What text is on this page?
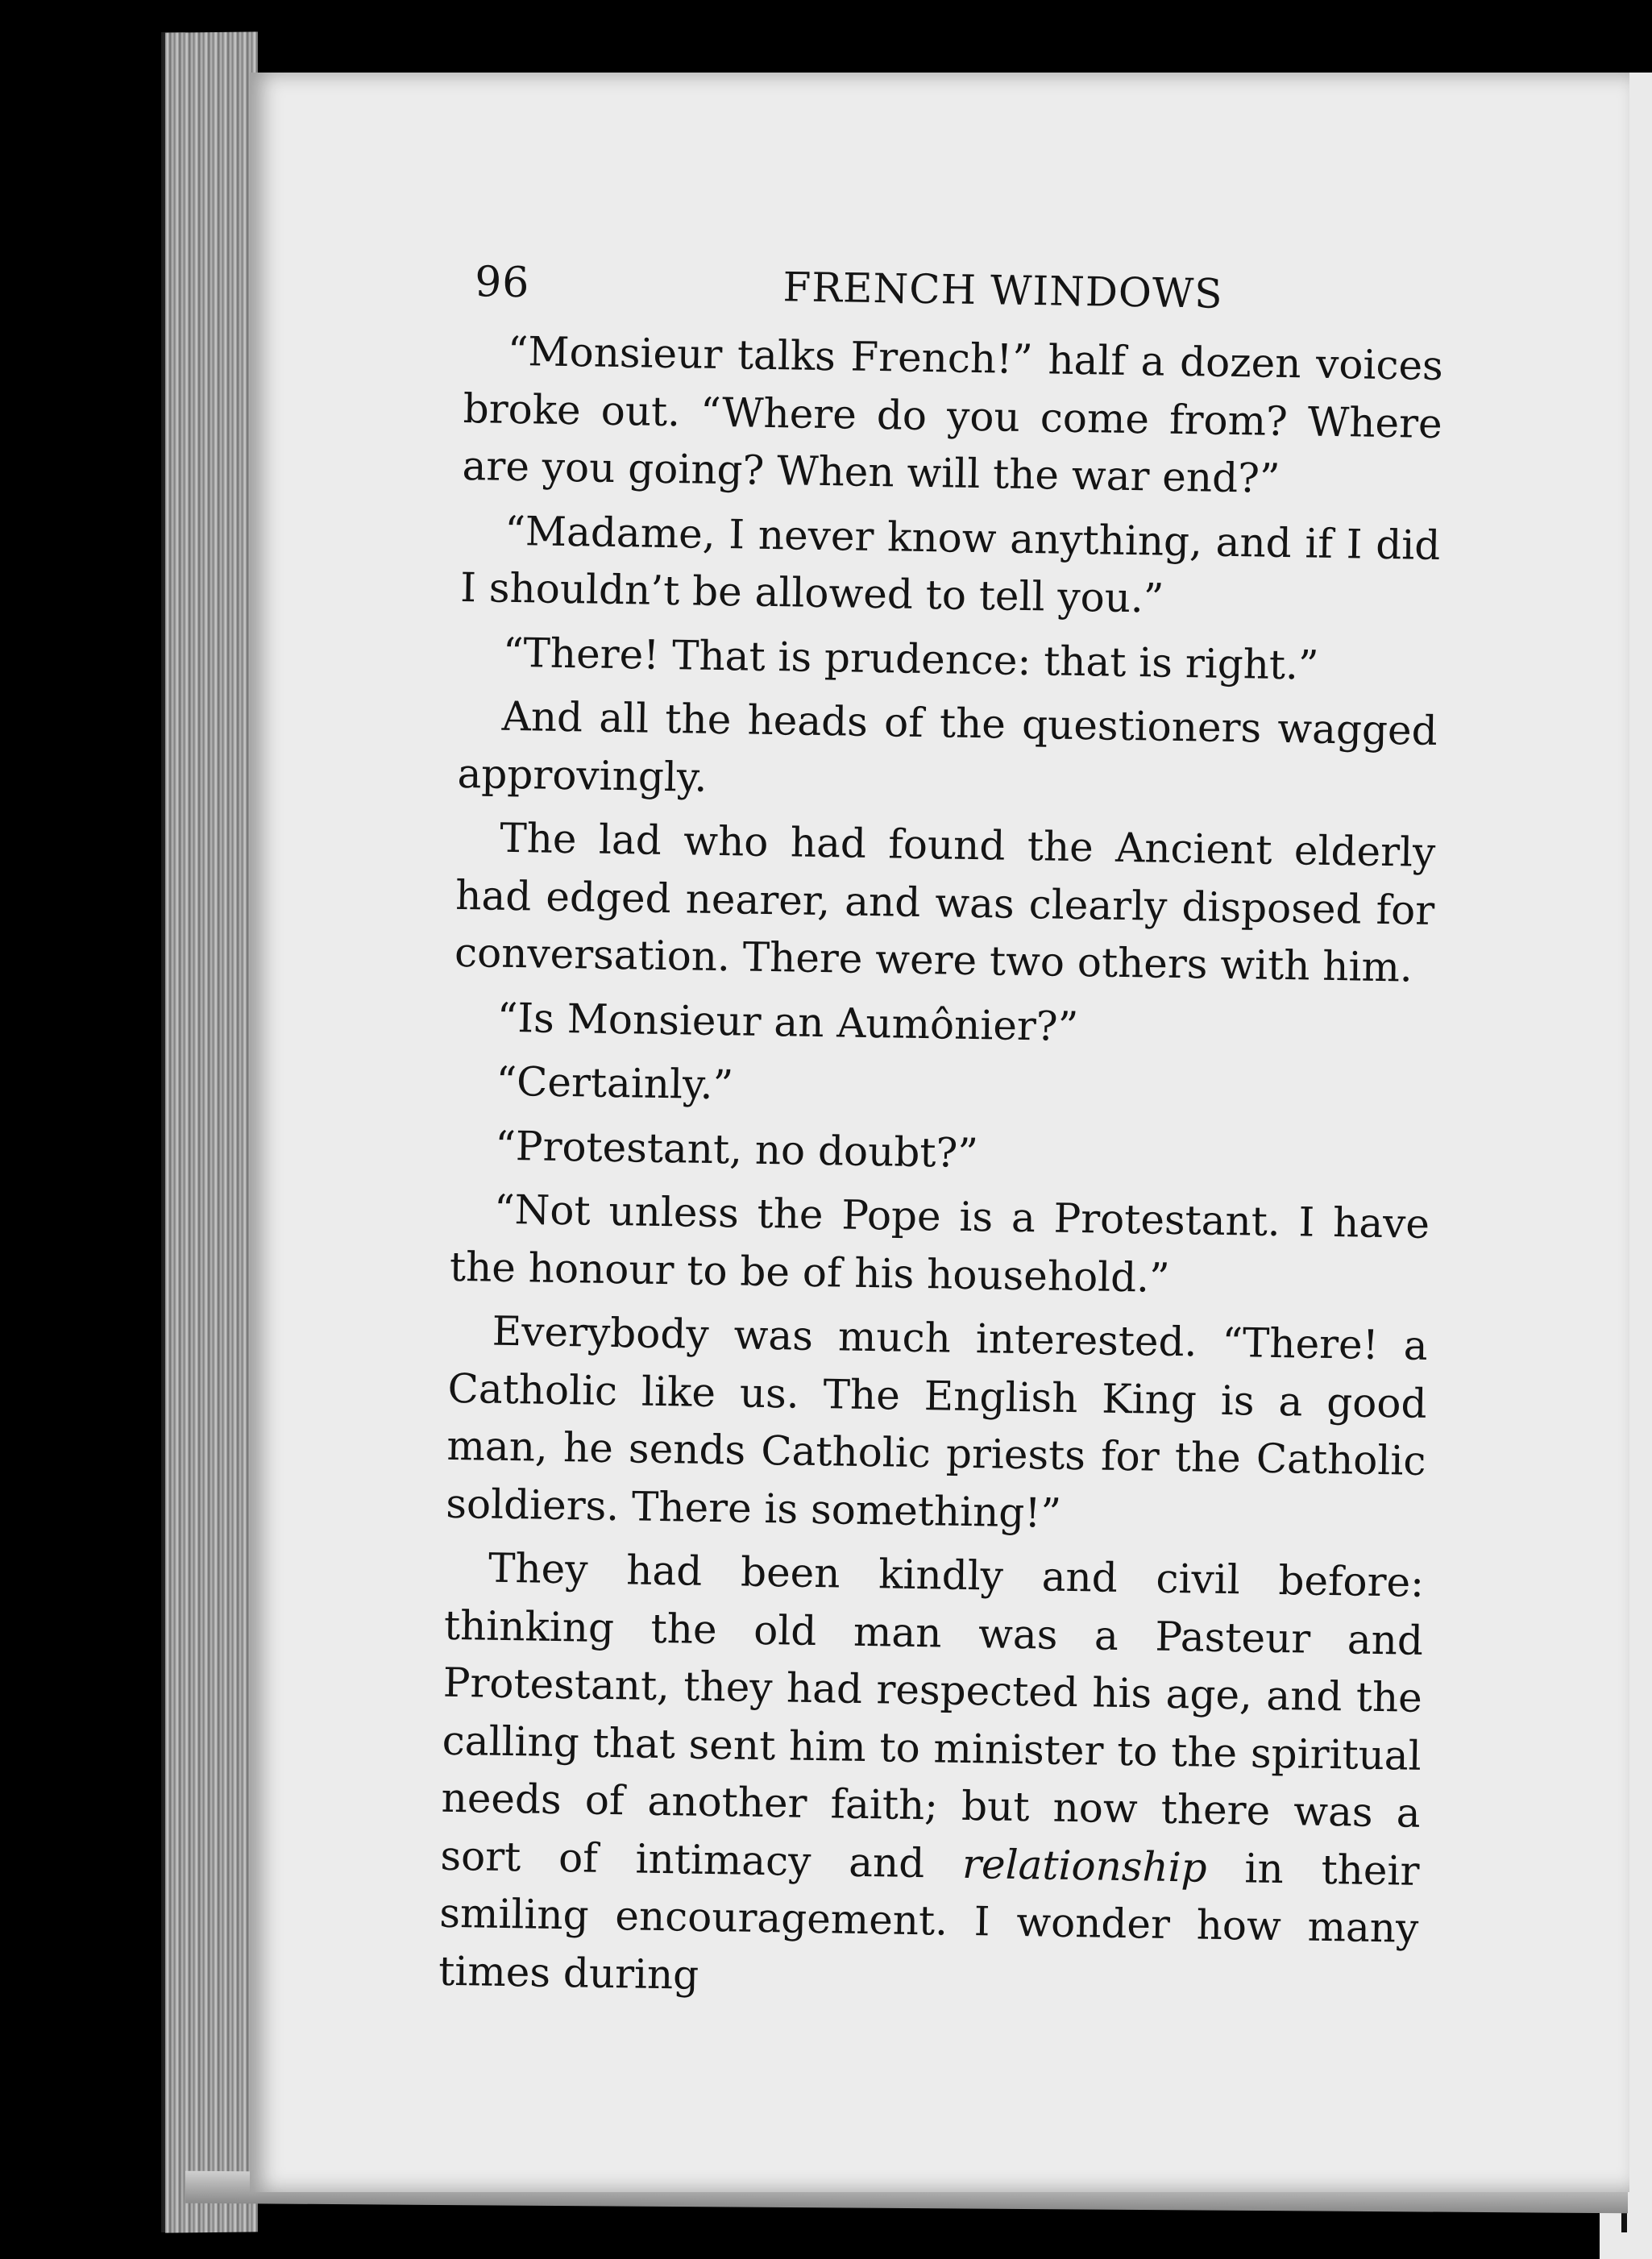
96	FRENCH WINDOWS

“Monsieur talks French!” half a dozen voices broke out. “Where do you come from? Where are you going? When will the war end?”

“Madame, I never know anything, and if I did I shouldn’t be allowed to tell you.”

“There! That is prudence: that is right.”

And all the heads of the questioners wagged approvingly.

The lad who had found the Ancient elderly had edged nearer, and was clearly disposed for conversation. There were two others with him.

“Is Monsieur an Aumônier?”

“Certainly.”

“Protestant, no doubt?”

“Not unless the Pope is a Protestant. I have the honour to be of his household.”

Everybody was much interested. “There! a Catholic like us. The English King is a good man, he sends Catholic priests for the Catholic soldiers. There is something!”

They had been kindly and civil before: thinking the old man was a Pasteur and Protestant, they had respected his age, and the calling that sent him to minister to the spiritual needs of another faith; but now there was a sort of intimacy and relationship in their smiling encouragement. I wonder how many times during
